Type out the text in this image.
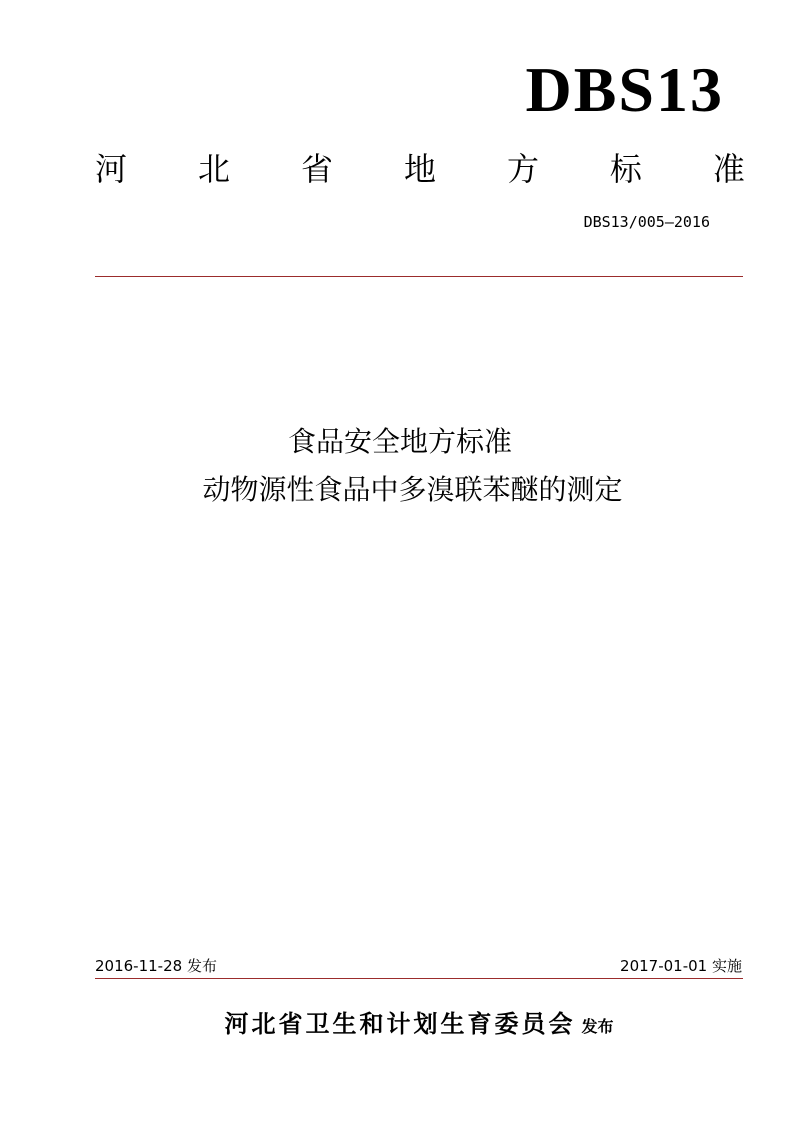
DBS13
河 北 省 地 方 标 准
DBS13/005—2016
食品安全地方标准
动物源性食品中多溴联苯醚的测定
2016-11-28 发布	2017-01-01 实施
河北省卫生和计划生育委员会 发布
